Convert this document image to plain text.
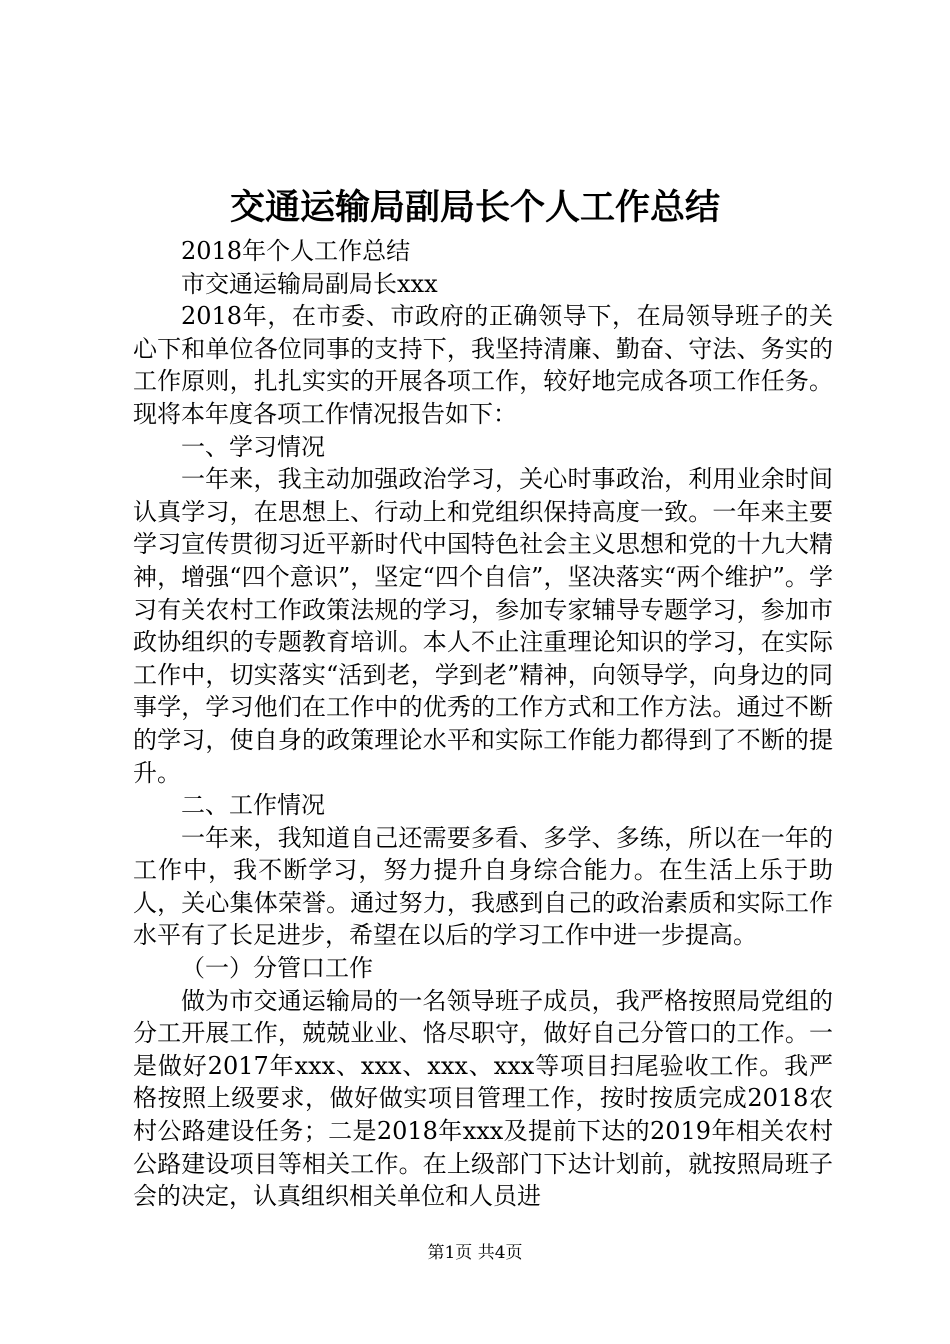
交通运输局副局长个人工作总结

2018年个人工作总结

市交通运输局副局长xxx

2018年，在市委、市政府的正确领导下，在局领导班子的关心下和单位各位同事的支持下，我坚持清廉、勤奋、守法、务实的工作原则，扎扎实实的开展各项工作，较好地完成各项工作任务。现将本年度各项工作情况报告如下：

一、学习情况

一年来，我主动加强政治学习，关心时事政治，利用业余时间认真学习，在思想上、行动上和党组织保持高度一致。一年来主要学习宣传贯彻习近平新时代中国特色社会主义思想和党的十九大精神，增强“四个意识”，坚定“四个自信”，坚决落实“两个维护”。学习有关农村工作政策法规的学习，参加专家辅导专题学习，参加市政协组织的专题教育培训。本人不止注重理论知识的学习，在实际工作中，切实落实“活到老，学到老”精神，向领导学，向身边的同事学，学习他们在工作中的优秀的工作方式和工作方法。通过不断的学习，使自身的政策理论水平和实际工作能力都得到了不断的提升。

二、工作情况

一年来，我知道自己还需要多看、多学、多练，所以在一年的工作中，我不断学习，努力提升自身综合能力。在生活上乐于助人，关心集体荣誉。通过努力，我感到自己的政治素质和实际工作水平有了长足进步，希望在以后的学习工作中进一步提高。

（一）分管口工作

做为市交通运输局的一名领导班子成员，我严格按照局党组的分工开展工作，兢兢业业、恪尽职守，做好自己分管口的工作。一是做好2017年xxx、xxx、xxx、xxx等项目扫尾验收工作。我严格按照上级要求，做好做实项目管理工作，按时按质完成2018农村公路建设任务；二是2018年xxx及提前下达的2019年相关农村公路建设项目等相关工作。在上级部门下达计划前，就按照局班子会的决定，认真组织相关单位和人员进

第1页 共4页
